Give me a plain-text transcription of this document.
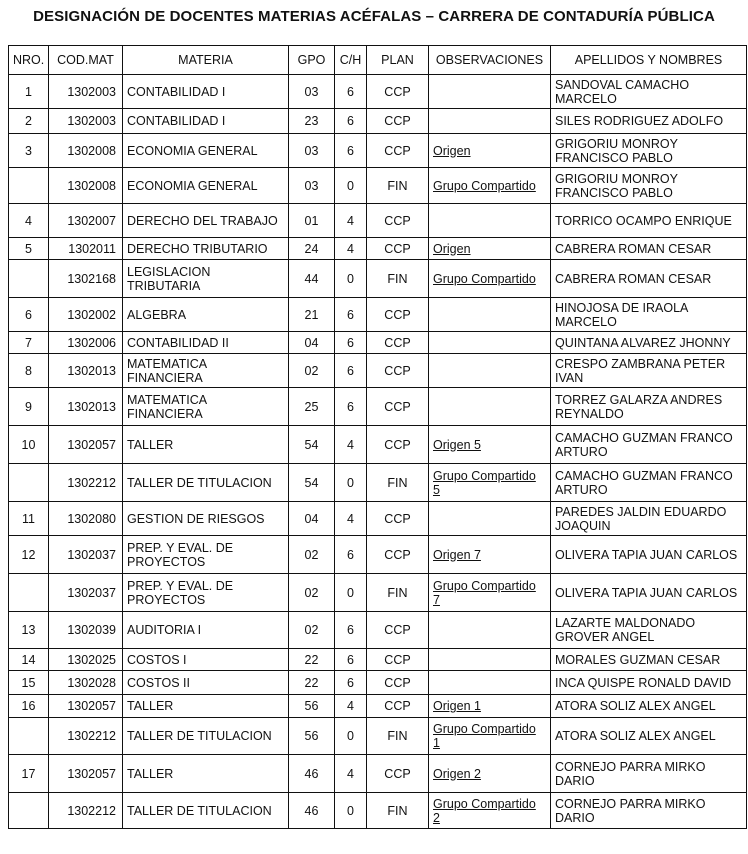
DESIGNACIÓN DE DOCENTES MATERIAS ACÉFALAS – CARRERA DE CONTADURÍA PÚBLICA
NRO.	COD.MAT	MATERIA	GPO	C/H	PLAN	OBSERVACIONES	APELLIDOS Y NOMBRES
1	1302003	CONTABILIDAD I	03	6	CCP		SANDOVAL CAMACHO MARCELO
2	1302003	CONTABILIDAD I	23	6	CCP		SILES RODRIGUEZ ADOLFO
3	1302008	ECONOMIA GENERAL	03	6	CCP	Origen	GRIGORIU MONROY FRANCISCO PABLO
	1302008	ECONOMIA GENERAL	03	0	FIN	Grupo Compartido	GRIGORIU MONROY FRANCISCO PABLO
4	1302007	DERECHO DEL TRABAJO	01	4	CCP		TORRICO OCAMPO ENRIQUE
5	1302011	DERECHO TRIBUTARIO	24	4	CCP	Origen	CABRERA ROMAN CESAR
	1302168	LEGISLACION TRIBUTARIA	44	0	FIN	Grupo Compartido	CABRERA ROMAN CESAR
6	1302002	ALGEBRA	21	6	CCP		HINOJOSA DE IRAOLA MARCELO
7	1302006	CONTABILIDAD II	04	6	CCP		QUINTANA ALVAREZ JHONNY
8	1302013	MATEMATICA FINANCIERA	02	6	CCP		CRESPO ZAMBRANA PETER IVAN
9	1302013	MATEMATICA FINANCIERA	25	6	CCP		TORREZ GALARZA ANDRES REYNALDO
10	1302057	TALLER	54	4	CCP	Origen 5	CAMACHO GUZMAN FRANCO ARTURO
	1302212	TALLER DE TITULACION	54	0	FIN	Grupo Compartido 5	CAMACHO GUZMAN FRANCO ARTURO
11	1302080	GESTION DE RIESGOS	04	4	CCP		PAREDES JALDIN EDUARDO JOAQUIN
12	1302037	PREP. Y EVAL. DE PROYECTOS	02	6	CCP	Origen 7	OLIVERA TAPIA JUAN CARLOS
	1302037	PREP. Y EVAL. DE PROYECTOS	02	0	FIN	Grupo Compartido 7	OLIVERA TAPIA JUAN CARLOS
13	1302039	AUDITORIA I	02	6	CCP		LAZARTE MALDONADO GROVER ANGEL
14	1302025	COSTOS I	22	6	CCP		MORALES GUZMAN CESAR
15	1302028	COSTOS II	22	6	CCP		INCA QUISPE RONALD DAVID
16	1302057	TALLER	56	4	CCP	Origen 1	ATORA SOLIZ ALEX ANGEL
	1302212	TALLER DE TITULACION	56	0	FIN	Grupo Compartido 1	ATORA SOLIZ ALEX ANGEL
17	1302057	TALLER	46	4	CCP	Origen 2	CORNEJO PARRA MIRKO DARIO
	1302212	TALLER DE TITULACION	46	0	FIN	Grupo Compartido 2	CORNEJO PARRA MIRKO DARIO
